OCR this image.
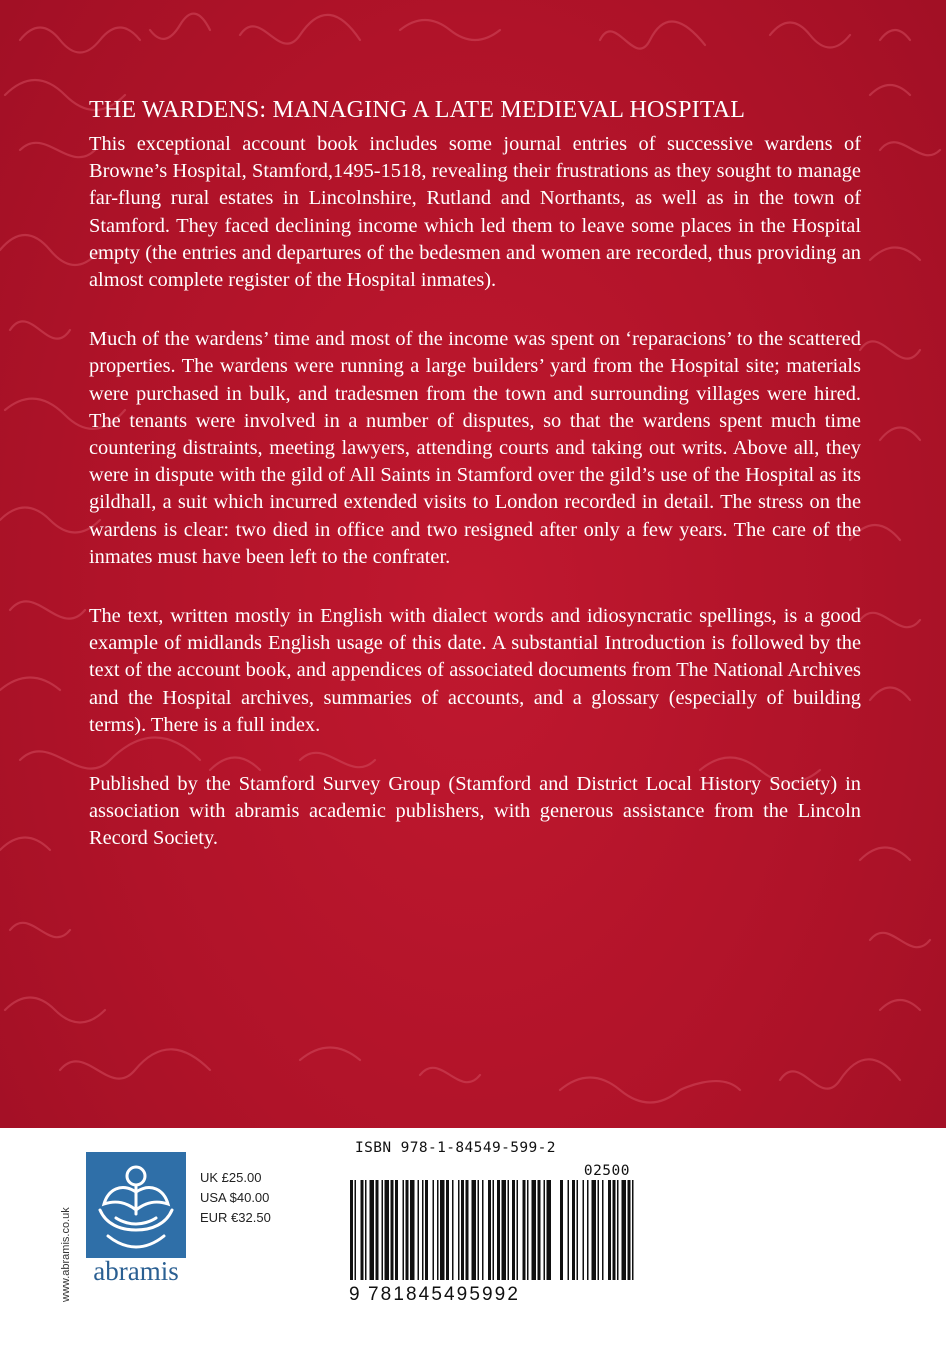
THE WARDENS: MANAGING A LATE MEDIEVAL HOSPITAL

This exceptional account book includes some journal entries of successive wardens of Browne’s Hospital, Stamford,1495-1518, revealing their frustrations as they sought to manage far-flung rural estates in Lincolnshire, Rutland and Northants, as well as in the town of Stamford. They faced declining income which led them to leave some places in the Hospital empty (the entries and departures of the bedesmen and women are recorded, thus providing an almost complete register of the Hospital inmates).

Much of the wardens’ time and most of the income was spent on ‘reparacions’ to the scattered properties. The wardens were running a large builders’ yard from the Hospital site; materials were purchased in bulk, and tradesmen from the town and surrounding villages were hired. The tenants were involved in a number of disputes, so that the wardens spent much time countering distraints, meeting lawyers, attending courts and taking out writs. Above all, they were in dispute with the gild of All Saints in Stamford over the gild’s use of the Hospital as its gildhall, a suit which incurred extended visits to London recorded in detail. The stress on the wardens is clear: two died in office and two resigned after only a few years. The care of the inmates must have been left to the confrater.

The text, written mostly in English with dialect words and idiosyncratic spellings, is a good example of midlands English usage of this date. A substantial Introduction is followed by the text of the account book, and appendices of associated documents from The National Archives and the Hospital archives, summaries of accounts, and a glossary (especially of building terms). There is a full index.

Published by the Stamford Survey Group (Stamford and District Local History Society) in association with abramis academic publishers, with generous assistance from the Lincoln Record Society.

www.abramis.co.uk abramis
UK £25.00
USA $40.00
EUR €32.50
ISBN 978-1-84549-599-2
02500
9 781845495992
